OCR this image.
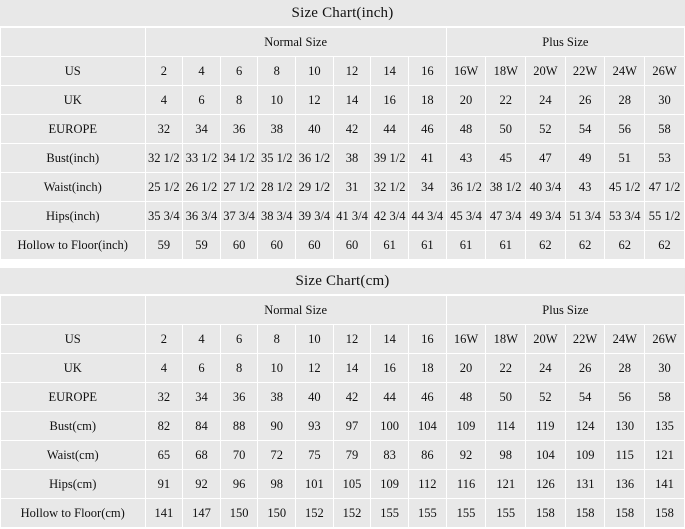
Size Chart(inch)
	Normal Size								Plus Size					
US	2	4	6	8	10	12	14	16	16W	18W	20W	22W	24W	26W
UK	4	6	8	10	12	14	16	18	20	22	24	26	28	30
EUROPE	32	34	36	38	40	42	44	46	48	50	52	54	56	58
Bust(inch)	32 1/2	33 1/2	34 1/2	35 1/2	36 1/2	38	39 1/2	41	43	45	47	49	51	53
Waist(inch)	25 1/2	26 1/2	27 1/2	28 1/2	29 1/2	31	32 1/2	34	36 1/2	38 1/2	40 3/4	43	45 1/2	47 1/2
Hips(inch)	35 3/4	36 3/4	37 3/4	38 3/4	39 3/4	41 3/4	42 3/4	44 3/4	45 3/4	47 3/4	49 3/4	51 3/4	53 3/4	55 1/2
Hollow to Floor(inch)	59	59	60	60	60	60	61	61	61	61	62	62	62	62
Size Chart(cm)
	Normal Size								Plus Size					
US	2	4	6	8	10	12	14	16	16W	18W	20W	22W	24W	26W
UK	4	6	8	10	12	14	16	18	20	22	24	26	28	30
EUROPE	32	34	36	38	40	42	44	46	48	50	52	54	56	58
Bust(cm)	82	84	88	90	93	97	100	104	109	114	119	124	130	135
Waist(cm)	65	68	70	72	75	79	83	86	92	98	104	109	115	121
Hips(cm)	91	92	96	98	101	105	109	112	116	121	126	131	136	141
Hollow to Floor(cm)	141	147	150	150	152	152	155	155	155	155	158	158	158	158
